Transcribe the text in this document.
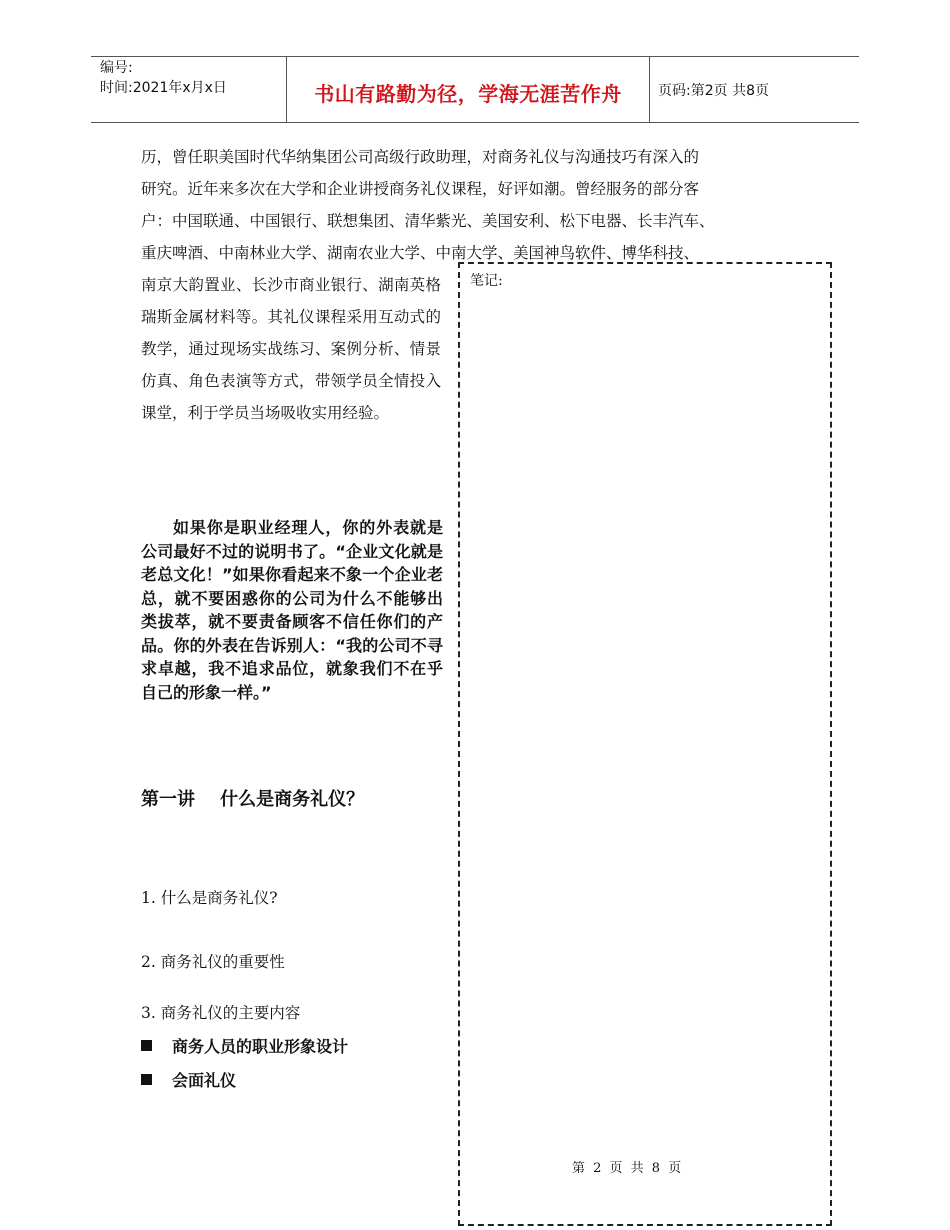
编号:
时间:2021年x月x日	书山有路勤为径，学海无涯苦作舟	页码:第2页 共8页
历，曾任职美国时代华纳集团公司高级行政助理，对商务礼仪与沟通技巧有深入的
研究。近年来多次在大学和企业讲授商务礼仪课程，好评如潮。曾经服务的部分客
户：中国联通、中国银行、联想集团、清华紫光、美国安利、松下电器、长丰汽车、
重庆啤酒、中南林业大学、湖南农业大学、中南大学、美国神鸟软件、博华科技、
南京大韵置业、长沙市商业银行、湖南英格瑞斯金属材料等。其礼仪课程采用互动式的教学，通过现场实战练习、案例分析、情景仿真、角色表演等方式，带领学员全情投入课堂，利于学员当场吸收实用经验。
如果你是职业经理人，你的外表就是公司最好不过的说明书了。“企业文化就是老总文化！”如果你看起来不象一个企业老总，就不要困惑你的公司为什么不能够出类拔萃，就不要责备顾客不信任你们的产品。你的外表在告诉别人：“我的公司不寻求卓越，我不追求品位，就象我们不在乎自己的形象一样。”
第一讲    什么是商务礼仪？
1. 什么是商务礼仪?
2. 商务礼仪的重要性
3. 商务礼仪的主要内容
商务人员的职业形象设计
会面礼仪
笔记:
第 2 页 共 8 页
